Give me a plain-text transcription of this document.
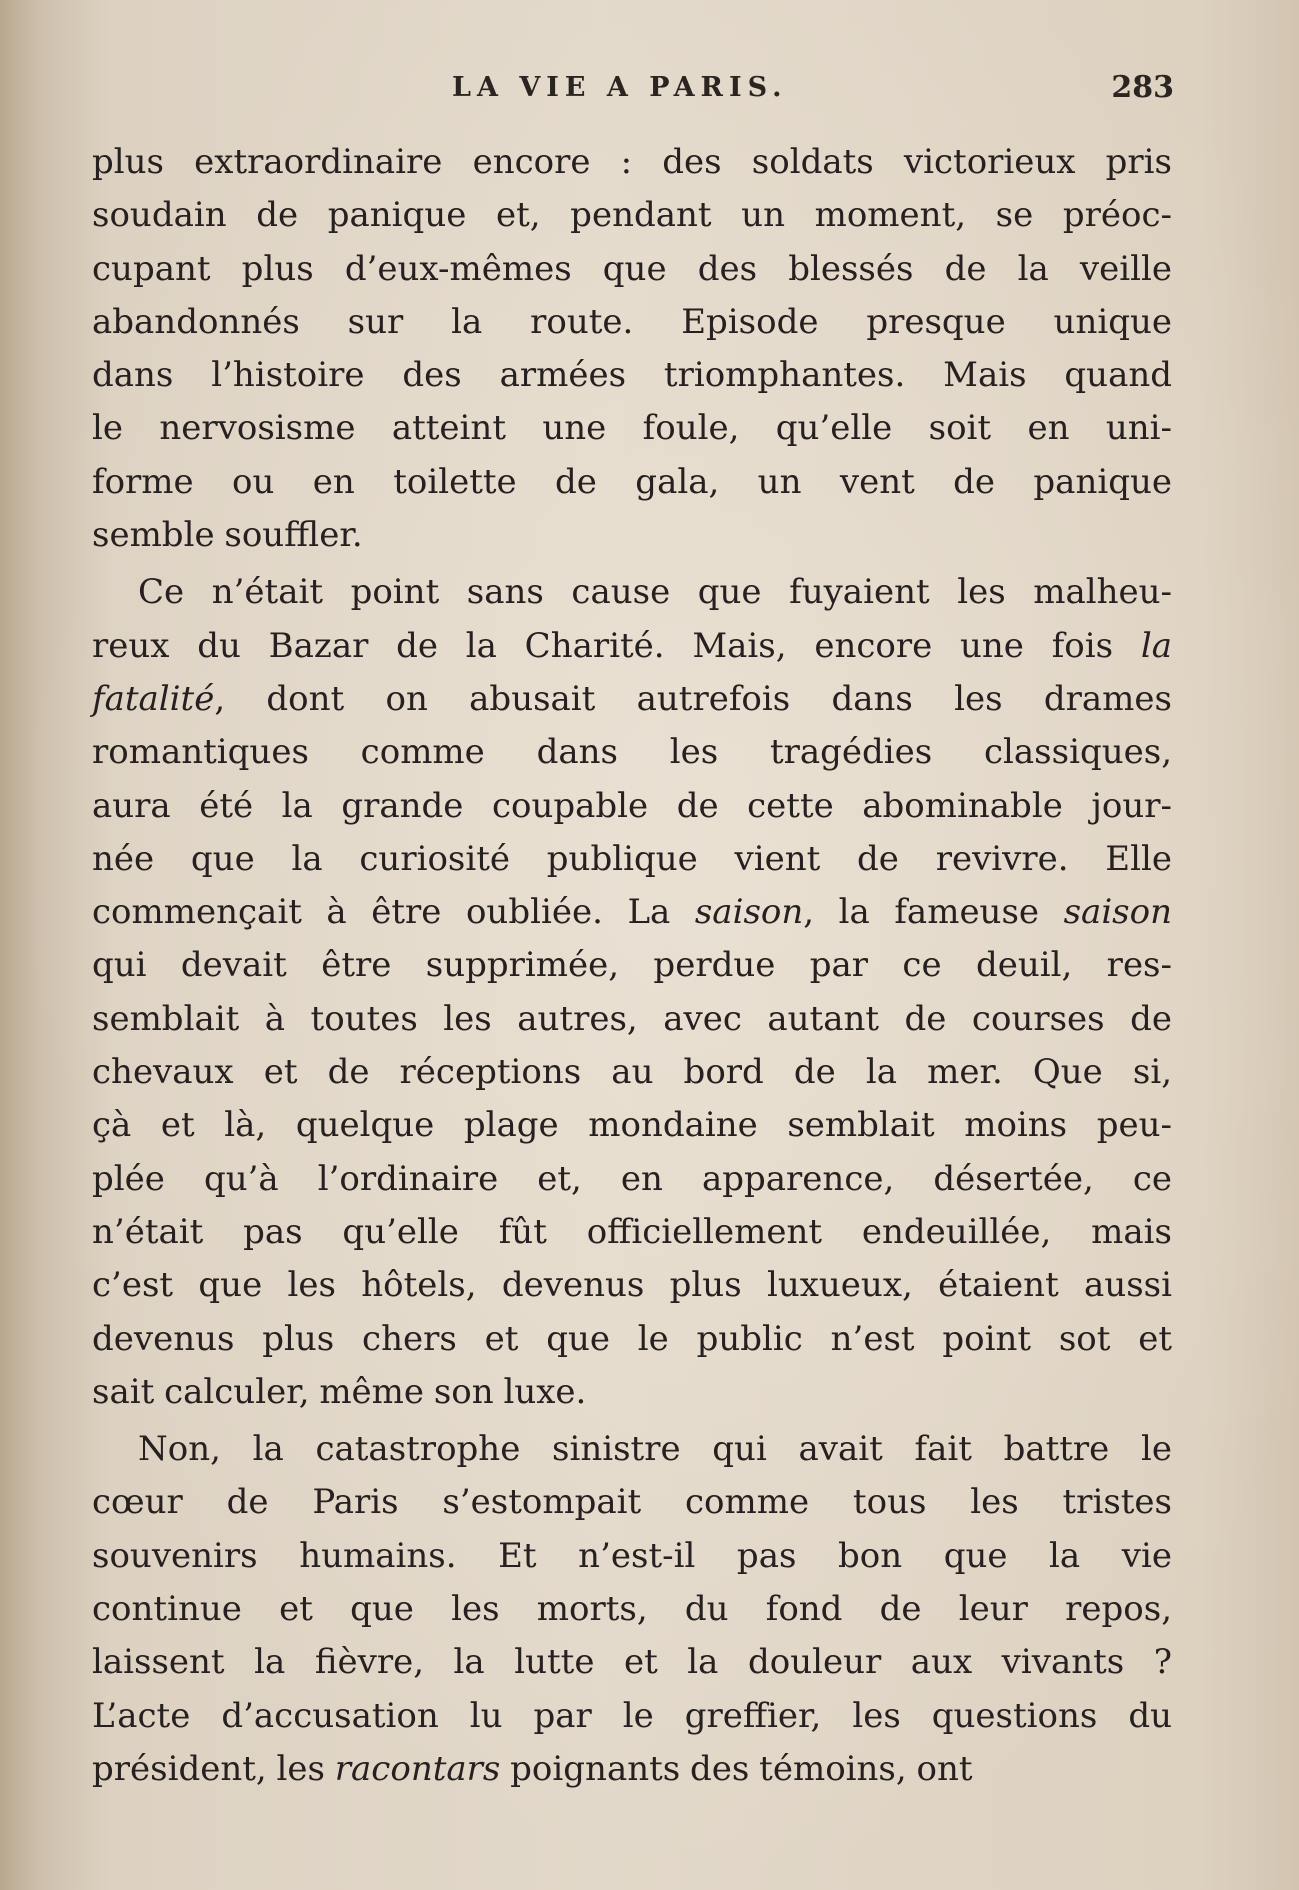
LA VIE A PARIS.	283
plus extraordinaire encore : des soldats victorieux pris
soudain de panique et, pendant un moment, se préoc-
cupant plus d’eux-mêmes que des blessés de la veille
abandonnés sur la route. Episode presque unique
dans l’histoire des armées triomphantes. Mais quand
le nervosisme atteint une foule, qu’elle soit en uni-
forme ou en toilette de gala, un vent de panique
semble souffler.
Ce n’était point sans cause que fuyaient les malheu-
reux du Bazar de la Charité. Mais, encore une fois la
fatalité, dont on abusait autrefois dans les drames
romantiques comme dans les tragédies classiques,
aura été la grande coupable de cette abominable jour-
née que la curiosité publique vient de revivre. Elle
commençait à être oubliée. La saison, la fameuse saison
qui devait être supprimée, perdue par ce deuil, res-
semblait à toutes les autres, avec autant de courses de
chevaux et de réceptions au bord de la mer. Que si,
çà et là, quelque plage mondaine semblait moins peu-
plée qu’à l’ordinaire et, en apparence, désertée, ce
n’était pas qu’elle fût officiellement endeuillée, mais
c’est que les hôtels, devenus plus luxueux, étaient aussi
devenus plus chers et que le public n’est point sot et
sait calculer, même son luxe.
Non, la catastrophe sinistre qui avait fait battre le
cœur de Paris s’estompait comme tous les tristes
souvenirs humains. Et n’est-il pas bon que la vie
continue et que les morts, du fond de leur repos,
laissent la fièvre, la lutte et la douleur aux vivants ?
L’acte d’accusation lu par le greffier, les questions du
président, les racontars poignants des témoins, ont
